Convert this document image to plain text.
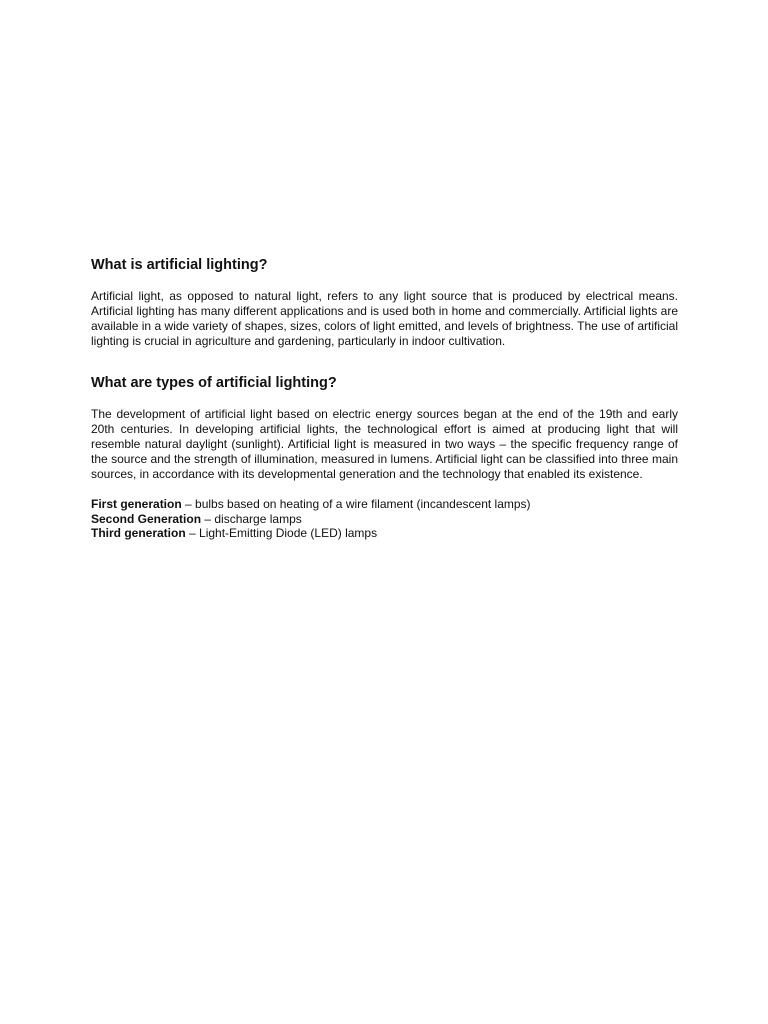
What is artificial lighting?

Artificial light, as opposed to natural light, refers to any light source that is produced by electrical means. Artificial lighting has many different applications and is used both in home and commercially. Artificial lights are available in a wide variety of shapes, sizes, colors of light emitted, and levels of brightness. The use of artificial lighting is crucial in agriculture and gardening, particularly in indoor cultivation.

What are types of artificial lighting?

The development of artificial light based on electric energy sources began at the end of the 19th and early 20th centuries. In developing artificial lights, the technological effort is aimed at producing light that will resemble natural daylight (sunlight). Artificial light is measured in two ways – the specific frequency range of the source and the strength of illumination, measured in lumens. Artificial light can be classified into three main sources, in accordance with its developmental generation and the technology that enabled its existence.

First generation – bulbs based on heating of a wire filament (incandescent lamps)
Second Generation – discharge lamps
Third generation – Light-Emitting Diode (LED) lamps
